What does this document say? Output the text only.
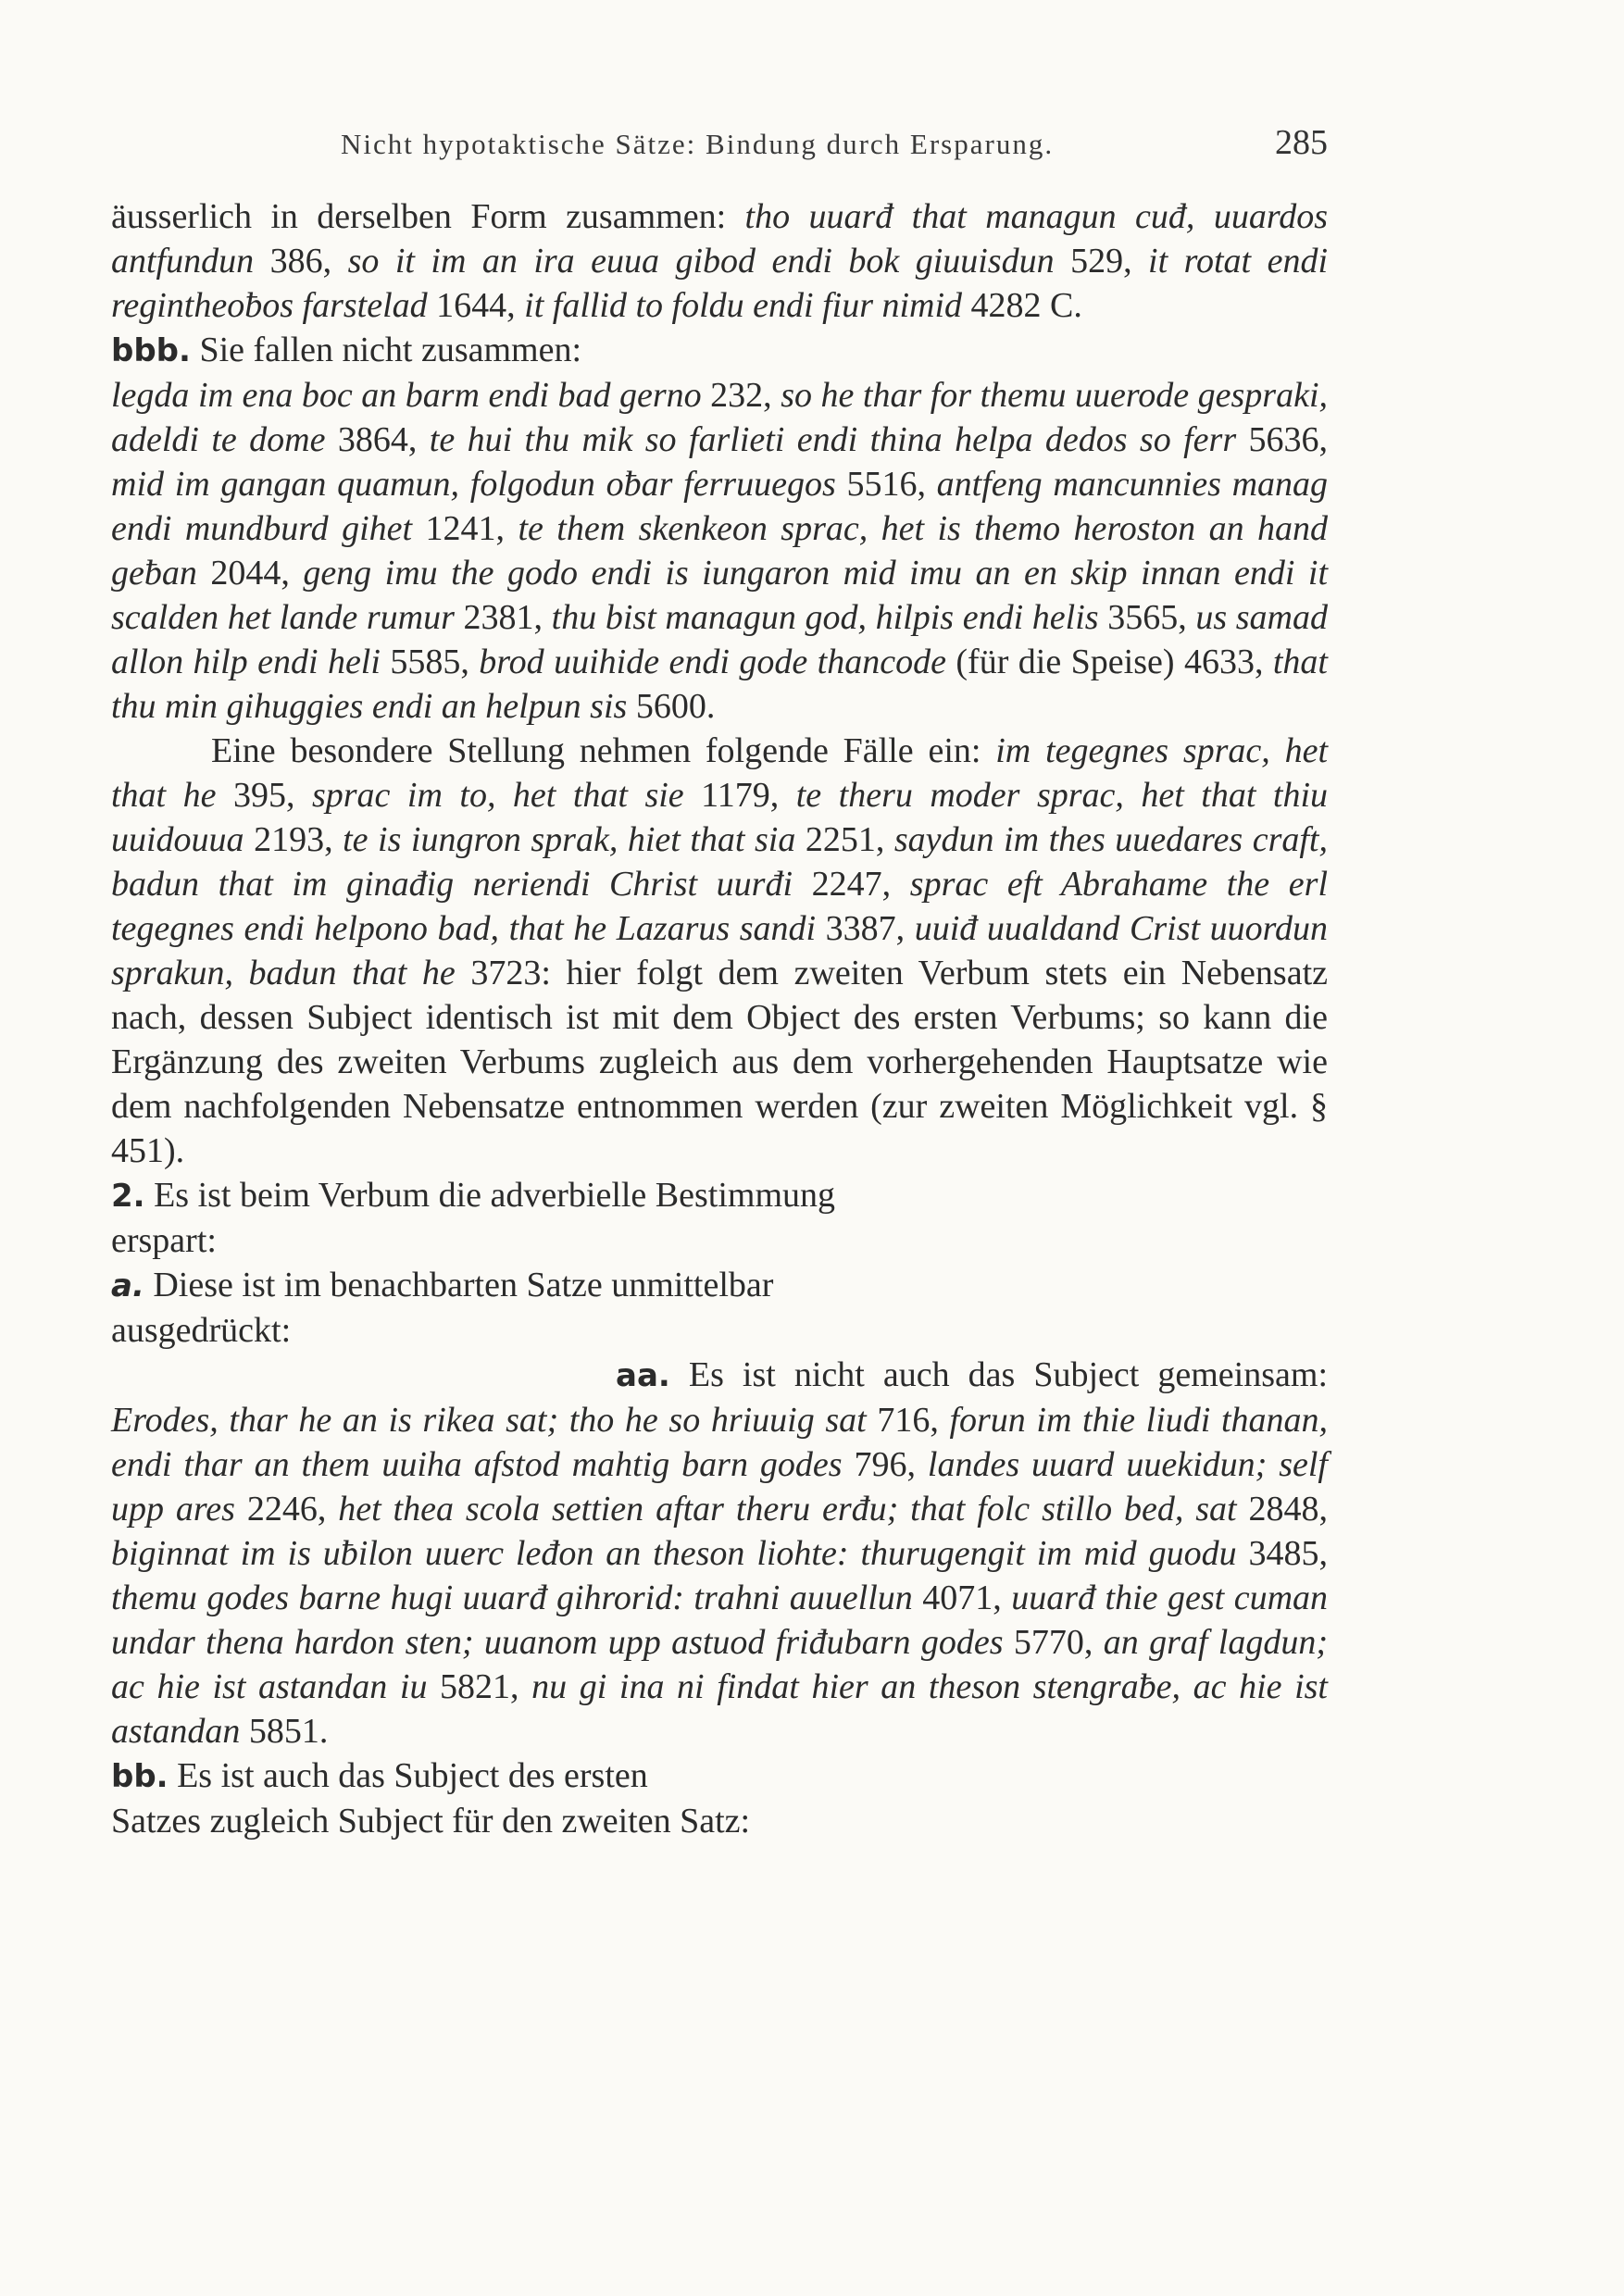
Nicht hypotaktische Sätze: Bindung durch Ersparung.	285

äusserlich in derselben Form zusammen: tho uuarđ that managun cuđ, uuardos antfundun 386, so it im an ira euua gibod endi bok giuuisdun 529, it rotat endi regintheoƀos farstelad 1644, it fallid to foldu endi fiur nimid 4282 C.

bbb. Sie fallen nicht zusammen:

legda im ena boc an barm endi bad gerno 232, so he thar for themu uuerode gespraki, adeldi te dome 3864, te hui thu mik so farlieti endi thina helpa dedos so ferr 5636, mid im gangan quamun, folgodun oƀar ferruuegos 5516, antfeng mancunnies manag endi mundburd gihet 1241, te them skenkeon sprac, het is themo heroston an hand geƀan 2044, geng imu the godo endi is iungaron mid imu an en skip innan endi it scalden het lande rumur 2381, thu bist managun god, hilpis endi helis 3565, us samad allon hilp endi heli 5585, brod uuihide endi gode thancode (für die Speise) 4633, that thu min gihuggies endi an helpun sis 5600.

Eine besondere Stellung nehmen folgende Fälle ein: im tegegnes sprac, het that he 395, sprac im to, het that sie 1179, te theru moder sprac, het that thiu uuidouua 2193, te is iungron sprak, hiet that sia 2251, saydun im thes uuedares craft, badun that im ginađig neriendi Christ uurđi 2247, sprac eft Abrahame the erl tegegnes endi helpono bad, that he Lazarus sandi 3387, uuiđ uualdand Crist uuordun sprakun, badun that he 3723: hier folgt dem zweiten Verbum stets ein Nebensatz nach, dessen Subject identisch ist mit dem Object des ersten Verbums; so kann die Ergänzung des zweiten Verbums zugleich aus dem vorhergehenden Hauptsatze wie dem nachfolgenden Nebensatze entnommen werden (zur zweiten Möglichkeit vgl. § 451).

2. Es ist beim Verbum die adverbielle Bestimmung

erspart:

a. Diese ist im benachbarten Satze unmittelbar

ausgedrückt:

aa. Es ist nicht auch das Subject gemeinsam: Erodes, thar he an is rikea sat; tho he so hriuuig sat 716, forun im thie liudi thanan, endi thar an them uuiha afstod mahtig barn godes 796, landes uuard uuekidun; self upp ares 2246, het thea scola settien aftar theru erđu; that folc stillo bed, sat 2848, biginnat im is uƀilon uuerc leđon an theson liohte: thurugengit im mid guodu 3485, themu godes barne hugi uuarđ gihrorid: trahni auuellun 4071, uuarđ thie gest cuman undar thena hardon sten; uuanom upp astuod friđubarn godes 5770, an graf lagdun; ac hie ist astandan iu 5821, nu gi ina ni findat hier an theson stengraƀe, ac hie ist astandan 5851.

bb. Es ist auch das Subject des ersten

Satzes zugleich Subject für den zweiten Satz:
